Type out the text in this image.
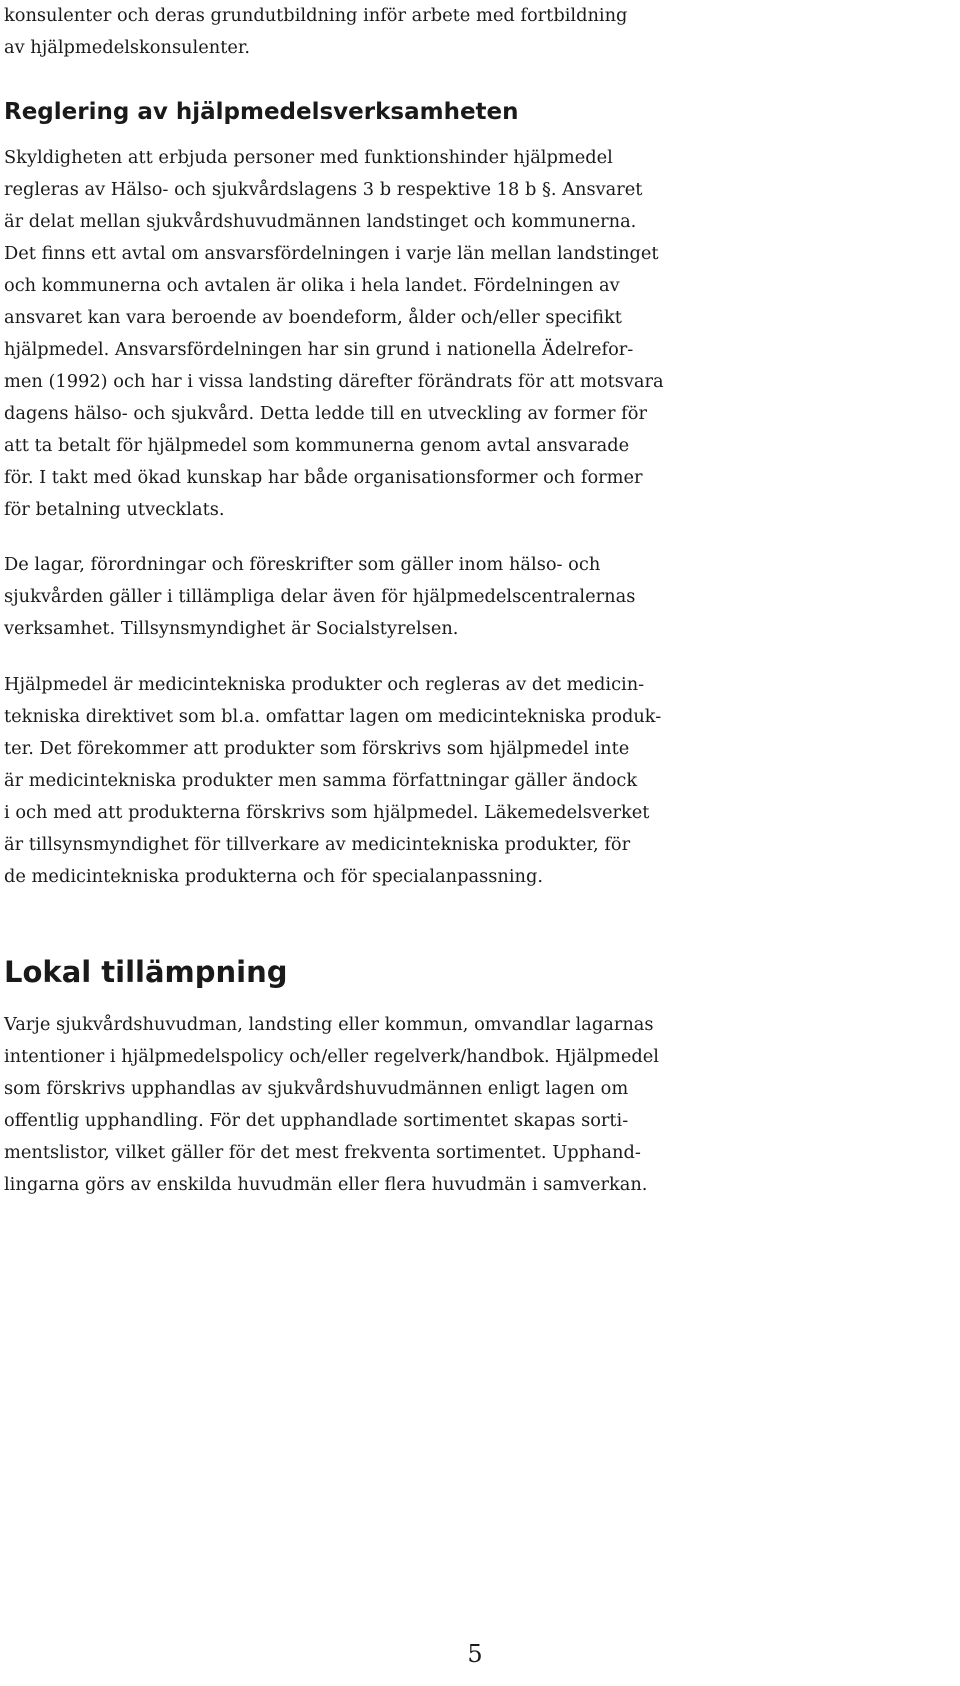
konsulenter och deras grundutbildning inför arbete med fortbildning
av hjälpmedelskonsulenter.
Reglering av hjälpmedelsverksamheten
Skyldigheten att erbjuda personer med funktionshinder hjälpmedel
regleras av Hälso- och sjukvårdslagens 3 b respektive 18 b §. Ansvaret
är delat mellan sjukvårdshuvudmännen landstinget och kommunerna.
Det finns ett avtal om ansvarsfördelningen i varje län mellan landstinget
och kommunerna och avtalen är olika i hela landet. Fördelningen av
ansvaret kan vara beroende av boendeform, ålder och/eller specifikt
hjälpmedel. Ansvarsfördelningen har sin grund i nationella Ädelrefor-
men (1992) och har i vissa landsting därefter förändrats för att motsvara
dagens hälso- och sjukvård. Detta ledde till en utveckling av former för
att ta betalt för hjälpmedel som kommunerna genom avtal ansvarade
för. I takt med ökad kunskap har både organisationsformer och former
för betalning utvecklats.
De lagar, förordningar och föreskrifter som gäller inom hälso- och
sjukvården gäller i tillämpliga delar även för hjälpmedelscentralernas
verksamhet. Tillsynsmyndighet är Socialstyrelsen.
Hjälpmedel är medicintekniska produkter och regleras av det medicin-
tekniska direktivet som bl.a. omfattar lagen om medicintekniska produk-
ter. Det förekommer att produkter som förskrivs som hjälpmedel inte
är medicintekniska produkter men samma författningar gäller ändock
i och med att produkterna förskrivs som hjälpmedel. Läkemedelsverket
är tillsynsmyndighet för tillverkare av medicintekniska produkter, för
de medicintekniska produkterna och för specialanpassning.
Lokal tillämpning
Varje sjukvårdshuvudman, landsting eller kommun, omvandlar lagarnas
intentioner i hjälpmedelspolicy och/eller regelverk/handbok. Hjälpmedel
som förskrivs upphandlas av sjukvårdshuvudmännen enligt lagen om
offentlig upphandling. För det upphandlade sortimentet skapas sorti-
mentslistor, vilket gäller för det mest frekventa sortimentet. Upphand-
lingarna görs av enskilda huvudmän eller flera huvudmän i samverkan.
5
